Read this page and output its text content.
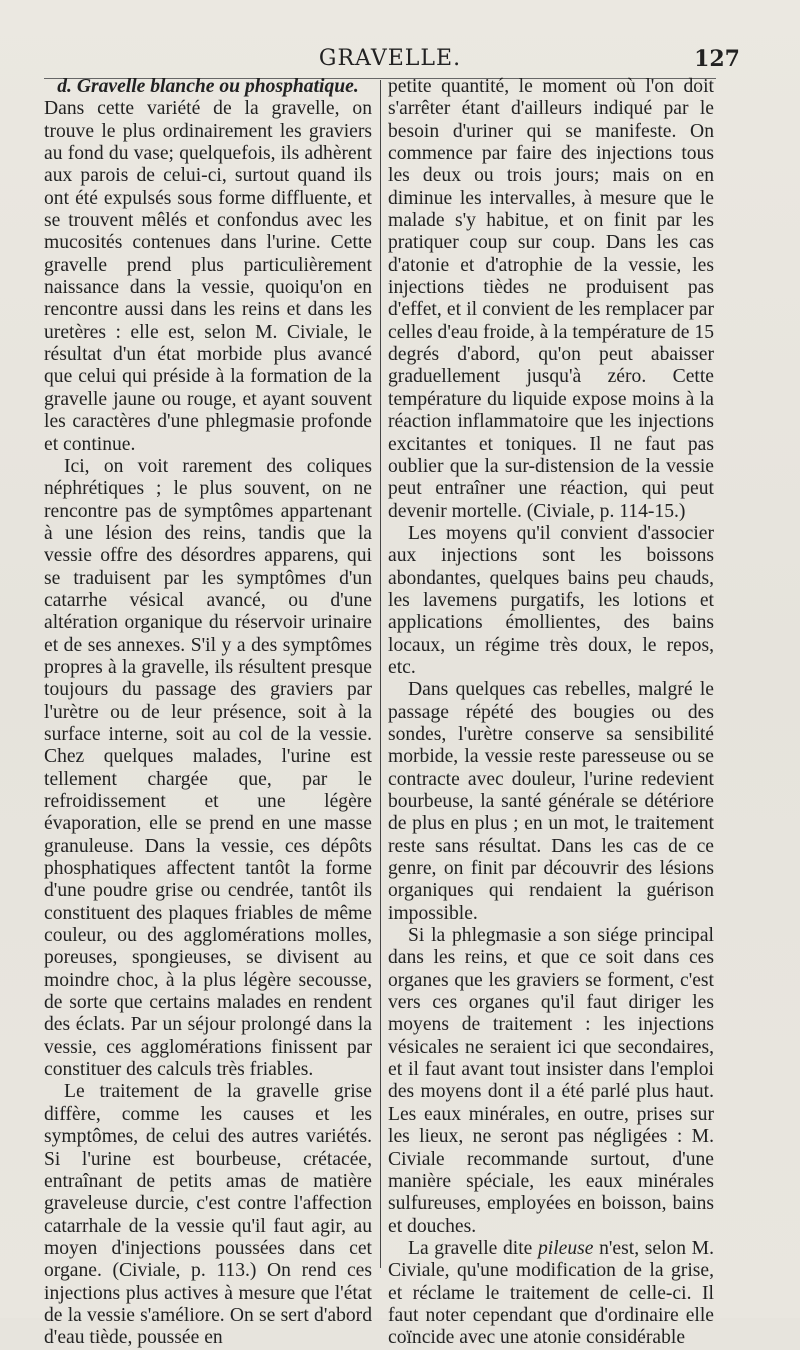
GRAVELLE.	127

d. Gravelle blanche ou phosphatique.

Dans cette variété de la gravelle, on trouve le plus ordinairement les graviers au fond du vase; quelquefois, ils adhèrent aux parois de celui-ci, surtout quand ils ont été expulsés sous forme diffluente, et se trouvent mêlés et confondus avec les mucosités contenues dans l'urine. Cette gravelle prend plus particulièrement naissance dans la vessie, quoiqu'on en rencontre aussi dans les reins et dans les uretères : elle est, selon M. Civiale, le résultat d'un état morbide plus avancé que celui qui préside à la formation de la gravelle jaune ou rouge, et ayant souvent les caractères d'une phlegmasie profonde et continue.

Ici, on voit rarement des coliques néphrétiques ; le plus souvent, on ne rencontre pas de symptômes appartenant à une lésion des reins, tandis que la vessie offre des désordres apparens, qui se traduisent par les symptômes d'un catarrhe vésical avancé, ou d'une altération organique du réservoir urinaire et de ses annexes. S'il y a des symptômes propres à la gravelle, ils résultent presque toujours du passage des graviers par l'urètre ou de leur présence, soit à la surface interne, soit au col de la vessie. Chez quelques malades, l'urine est tellement chargée que, par le refroidissement et une légère évaporation, elle se prend en une masse granuleuse. Dans la vessie, ces dépôts phosphatiques affectent tantôt la forme d'une poudre grise ou cendrée, tantôt ils constituent des plaques friables de même couleur, ou des agglomérations molles, poreuses, spongieuses, se divisent au moindre choc, à la plus légère secousse, de sorte que certains malades en rendent des éclats. Par un séjour prolongé dans la vessie, ces agglomérations finissent par constituer des calculs très friables.

Le traitement de la gravelle grise diffère, comme les causes et les symptômes, de celui des autres variétés. Si l'urine est bourbeuse, crétacée, entraînant de petits amas de matière graveleuse durcie, c'est contre l'affection catarrhale de la vessie qu'il faut agir, au moyen d'injections poussées dans cet organe. (Civiale, p. 113.) On rend ces injections plus actives à mesure que l'état de la vessie s'améliore. On se sert d'abord d'eau tiède, poussée en

petite quantité, le moment où l'on doit s'arrêter étant d'ailleurs indiqué par le besoin d'uriner qui se manifeste. On commence par faire des injections tous les deux ou trois jours; mais on en diminue les intervalles, à mesure que le malade s'y habitue, et on finit par les pratiquer coup sur coup. Dans les cas d'atonie et d'atrophie de la vessie, les injections tièdes ne produisent pas d'effet, et il convient de les remplacer par celles d'eau froide, à la température de 15 degrés d'abord, qu'on peut abaisser graduellement jusqu'à zéro. Cette température du liquide expose moins à la réaction inflammatoire que les injections excitantes et toniques. Il ne faut pas oublier que la sur-distension de la vessie peut entraîner une réaction, qui peut devenir mortelle. (Civiale, p. 114-15.)

Les moyens qu'il convient d'associer aux injections sont les boissons abondantes, quelques bains peu chauds, les lavemens purgatifs, les lotions et applications émollientes, des bains locaux, un régime très doux, le repos, etc.

Dans quelques cas rebelles, malgré le passage répété des bougies ou des sondes, l'urètre conserve sa sensibilité morbide, la vessie reste paresseuse ou se contracte avec douleur, l'urine redevient bourbeuse, la santé générale se détériore de plus en plus ; en un mot, le traitement reste sans résultat. Dans les cas de ce genre, on finit par découvrir des lésions organiques qui rendaient la guérison impossible.

Si la phlegmasie a son siége principal dans les reins, et que ce soit dans ces organes que les graviers se forment, c'est vers ces organes qu'il faut diriger les moyens de traitement : les injections vésicales ne seraient ici que secondaires, et il faut avant tout insister dans l'emploi des moyens dont il a été parlé plus haut. Les eaux minérales, en outre, prises sur les lieux, ne seront pas négligées : M. Civiale recommande surtout, d'une manière spéciale, les eaux minérales sulfureuses, employées en boisson, bains et douches.

La gravelle dite pileuse n'est, selon M. Civiale, qu'une modification de la grise, et réclame le traitement de celle-ci. Il faut noter cependant que d'ordinaire elle coïncide avec une atonie considérable
